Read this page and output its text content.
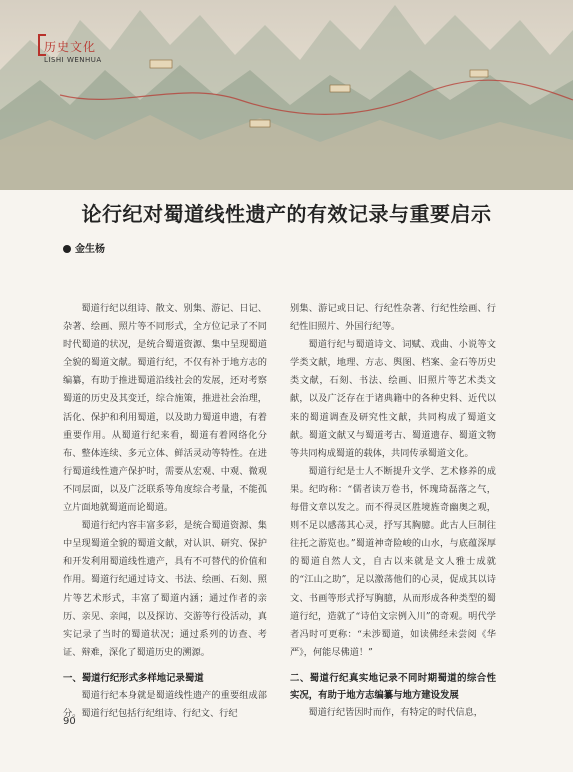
历史文化
LISHI WENHUA
论行纪对蜀道线性遗产的有效记录与重要启示
金生杨

蜀道行纪以组诗、散文、别集、游记、日记、杂著、绘画、照片等不同形式，全方位记录了不同时代蜀道的状况，是统合蜀道资源、集中呈现蜀道全貌的蜀道文献。蜀道行纪，不仅有补于地方志的编纂，有助于推进蜀道沿线社会的发展，还对考察蜀道的历史及其变迁，综合施策，推进社会治理，活化、保护和利用蜀道，以及助力蜀道申遗，有着重要作用。从蜀道行纪来看，蜀道有着网络化分布、整体连续、多元立体、鲜活灵动等特性。在进行蜀道线性遗产保护时，需要从宏观、中观、微观不同层面，以及广泛联系等角度综合考量，不能孤立片面地就蜀道而论蜀道。

蜀道行纪内容丰富多彩，是统合蜀道资源、集中呈现蜀道全貌的蜀道文献，对认识、研究、保护和开发利用蜀道线性遗产，具有不可替代的价值和作用。蜀道行纪通过诗文、书法、绘画、石刻、照片等艺术形式，丰富了蜀道内涵；通过作者的亲历、亲见、亲闻，以及探访、交游等行役活动，真实记录了当时的蜀道状况；通过系列的访查、考证、辩难，深化了蜀道历史的溯源。

一、蜀道行纪形式多样地记录蜀道

蜀道行纪本身就是蜀道线性遗产的重要组成部分。蜀道行纪包括行纪组诗、行纪文、行纪

别集、游记或日记、行纪性杂著、行纪性绘画、行纪性旧照片、外国行纪等。

蜀道行纪与蜀道诗文、词赋、戏曲、小说等文学类文献，地理、方志、舆图、档案、金石等历史类文献，石刻、书法、绘画、旧照片等艺术类文献，以及广泛存在于诸典籍中的各种史料、近代以来的蜀道调查及研究性文献，共同构成了蜀道文献。蜀道文献又与蜀道考古、蜀道遗存、蜀道文物等共同构成蜀道的载体，共同传承蜀道文化。

蜀道行纪是士人不断提升文学、艺术修养的成果。纪昀称：“儒者读万卷书，怀瑰琦磊落之气，每借文章以发之。而不得灵区胜境旌奇幽奥之观，则不足以感荡其心灵，抒写其胸臆。此古人巨制往往托之游览也。”蜀道神奇险峻的山水，与底蕴深厚的蜀道自然人文，自古以来就是文人雅士成就的“江山之助”，足以激荡他们的心灵，促成其以诗文、书画等形式抒写胸臆，从而形成各种类型的蜀道行纪，造就了“诗伯文宗例入川”的奇观。明代学者冯时可更称：“未涉蜀道，如读佛经未尝阅《华严》，何能尽佛道！”

二、蜀道行纪真实地记录不同时期蜀道的综合性实况，有助于地方志编纂与地方建设发展

蜀道行纪皆因时而作，有特定的时代信息，

90
